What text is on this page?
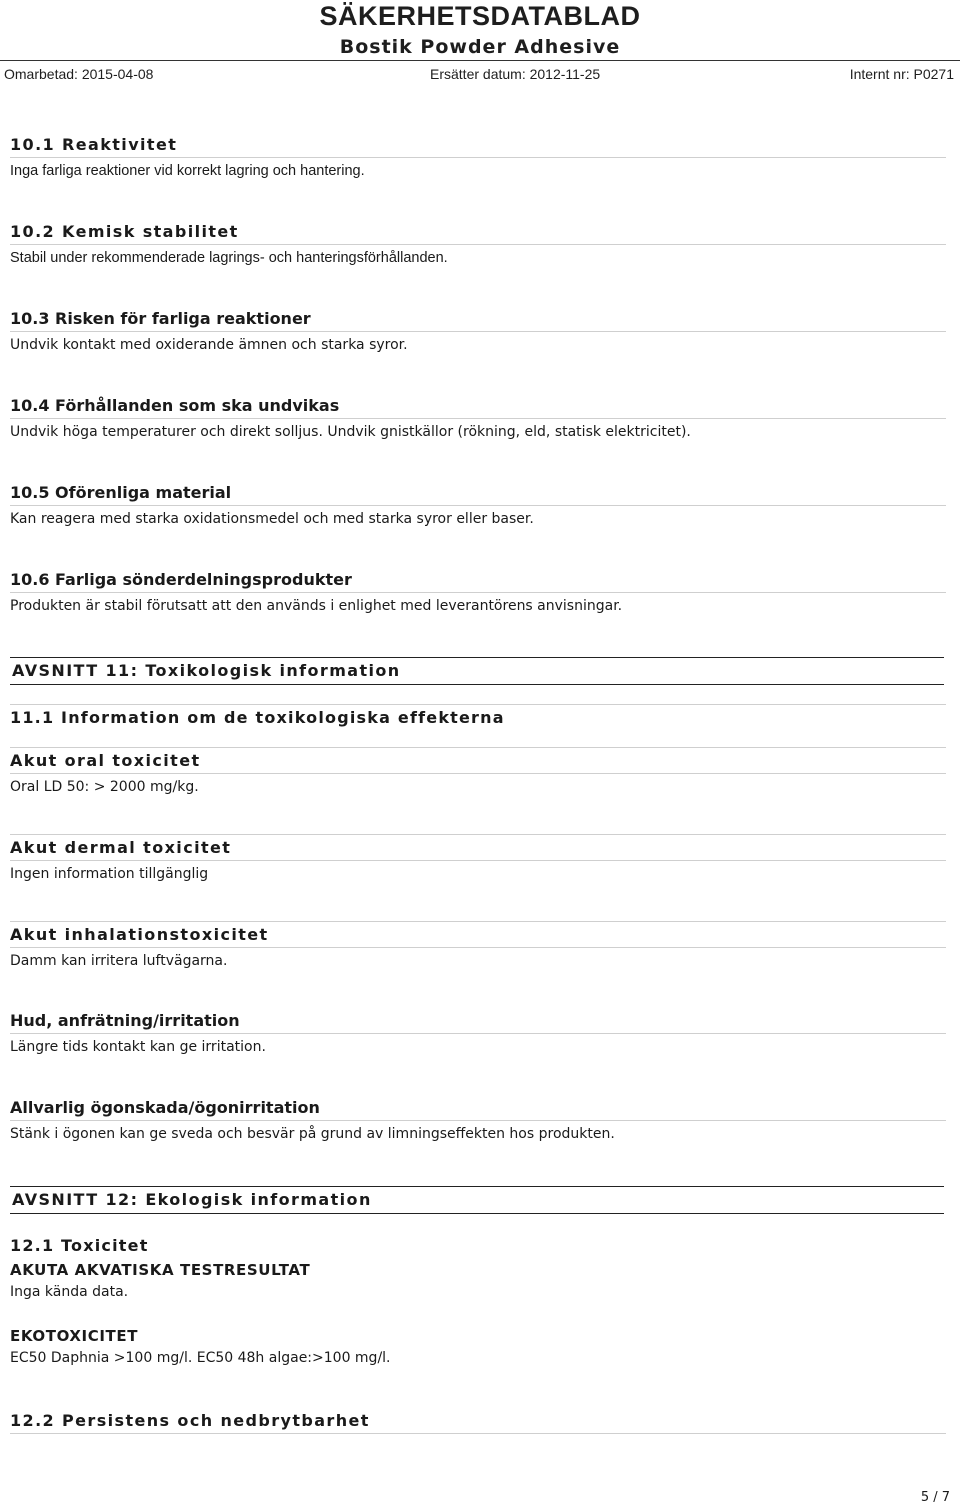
SÄKERHETSDATABLAD
Bostik Powder Adhesive
Omarbetad: 2015-04-08	Ersätter datum: 2012-11-25	Internt nr: P0271
10.1 Reaktivitet
Inga farliga reaktioner vid korrekt lagring och hantering.
10.2 Kemisk stabilitet
Stabil under rekommenderade lagrings- och hanteringsförhållanden.
10.3 Risken för farliga reaktioner
Undvik kontakt med oxiderande ämnen och starka syror.
10.4 Förhållanden som ska undvikas
Undvik höga temperaturer och direkt solljus. Undvik gnistkällor (rökning, eld, statisk elektricitet).
10.5 Oförenliga material
Kan reagera med starka oxidationsmedel och med starka syror eller baser.
10.6 Farliga sönderdelningsprodukter
Produkten är stabil förutsatt att den används i enlighet med leverantörens anvisningar.
AVSNITT 11: Toxikologisk information
11.1 Information om de toxikologiska effekterna
Akut oral toxicitet
Oral LD 50: > 2000 mg/kg.
Akut dermal toxicitet
Ingen information tillgänglig
Akut inhalationstoxicitet
Damm kan irritera luftvägarna.
Hud, anfrätning/irritation
Längre tids kontakt kan ge irritation.
Allvarlig ögonskada/ögonirritation
Stänk i ögonen kan ge sveda och besvär på grund av limningseffekten hos produkten.
AVSNITT 12: Ekologisk information
12.1 Toxicitet
AKUTA AKVATISKA TESTRESULTAT
Inga kända data.
EKOTOXICITET
EC50 Daphnia >100 mg/l. EC50 48h algae:>100 mg/l.
12.2 Persistens och nedbrytbarhet
5 / 7
